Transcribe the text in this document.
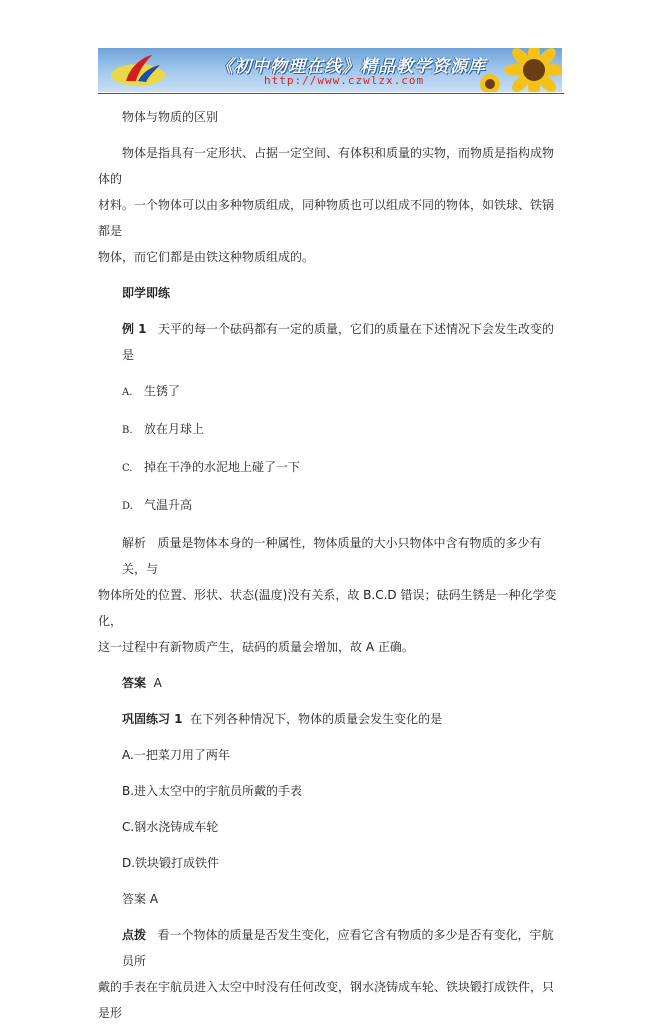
《初中物理在线》精品教学资源库
http://www.czwlzx.com

物体与物质的区别

物体是指具有一定形状、占据一定空间、有体积和质量的实物，而物质是指构成物体的

材料。一个物体可以由多种物质组成，同种物质也可以组成不同的物体，如铁球、铁锅都是

物体，而它们都是由铁这种物质组成的。

即学即练

例 1 天平的每一个砝码都有一定的质量，它们的质量在下述情况下会发生改变的是

A. 生锈了

B. 放在月球上

C. 掉在干净的水泥地上碰了一下

D. 气温升高

解析 质量是物体本身的一种属性，物体质量的大小只物体中含有物质的多少有关，与

物体所处的位置、形状、状态(温度)没有关系，故 B.C.D 错误；砝码生锈是一种化学变化，

这一过程中有新物质产生，砝码的质量会增加，故 A 正确。

答案 A

巩固练习 1 在下列各种情况下，物体的质量会发生变化的是

A.一把菜刀用了两年

B.进入太空中的宇航员所戴的手表

C.钢水浇铸成车轮

D.铁块锻打成铁件

答案 A

点拨 看一个物体的质量是否发生变化，应看它含有物质的多少是否有变化，宇航员所

戴的手表在宇航员进入太空中时没有任何改变，钢水浇铸成车轮、铁块锻打成铁件，只是形
